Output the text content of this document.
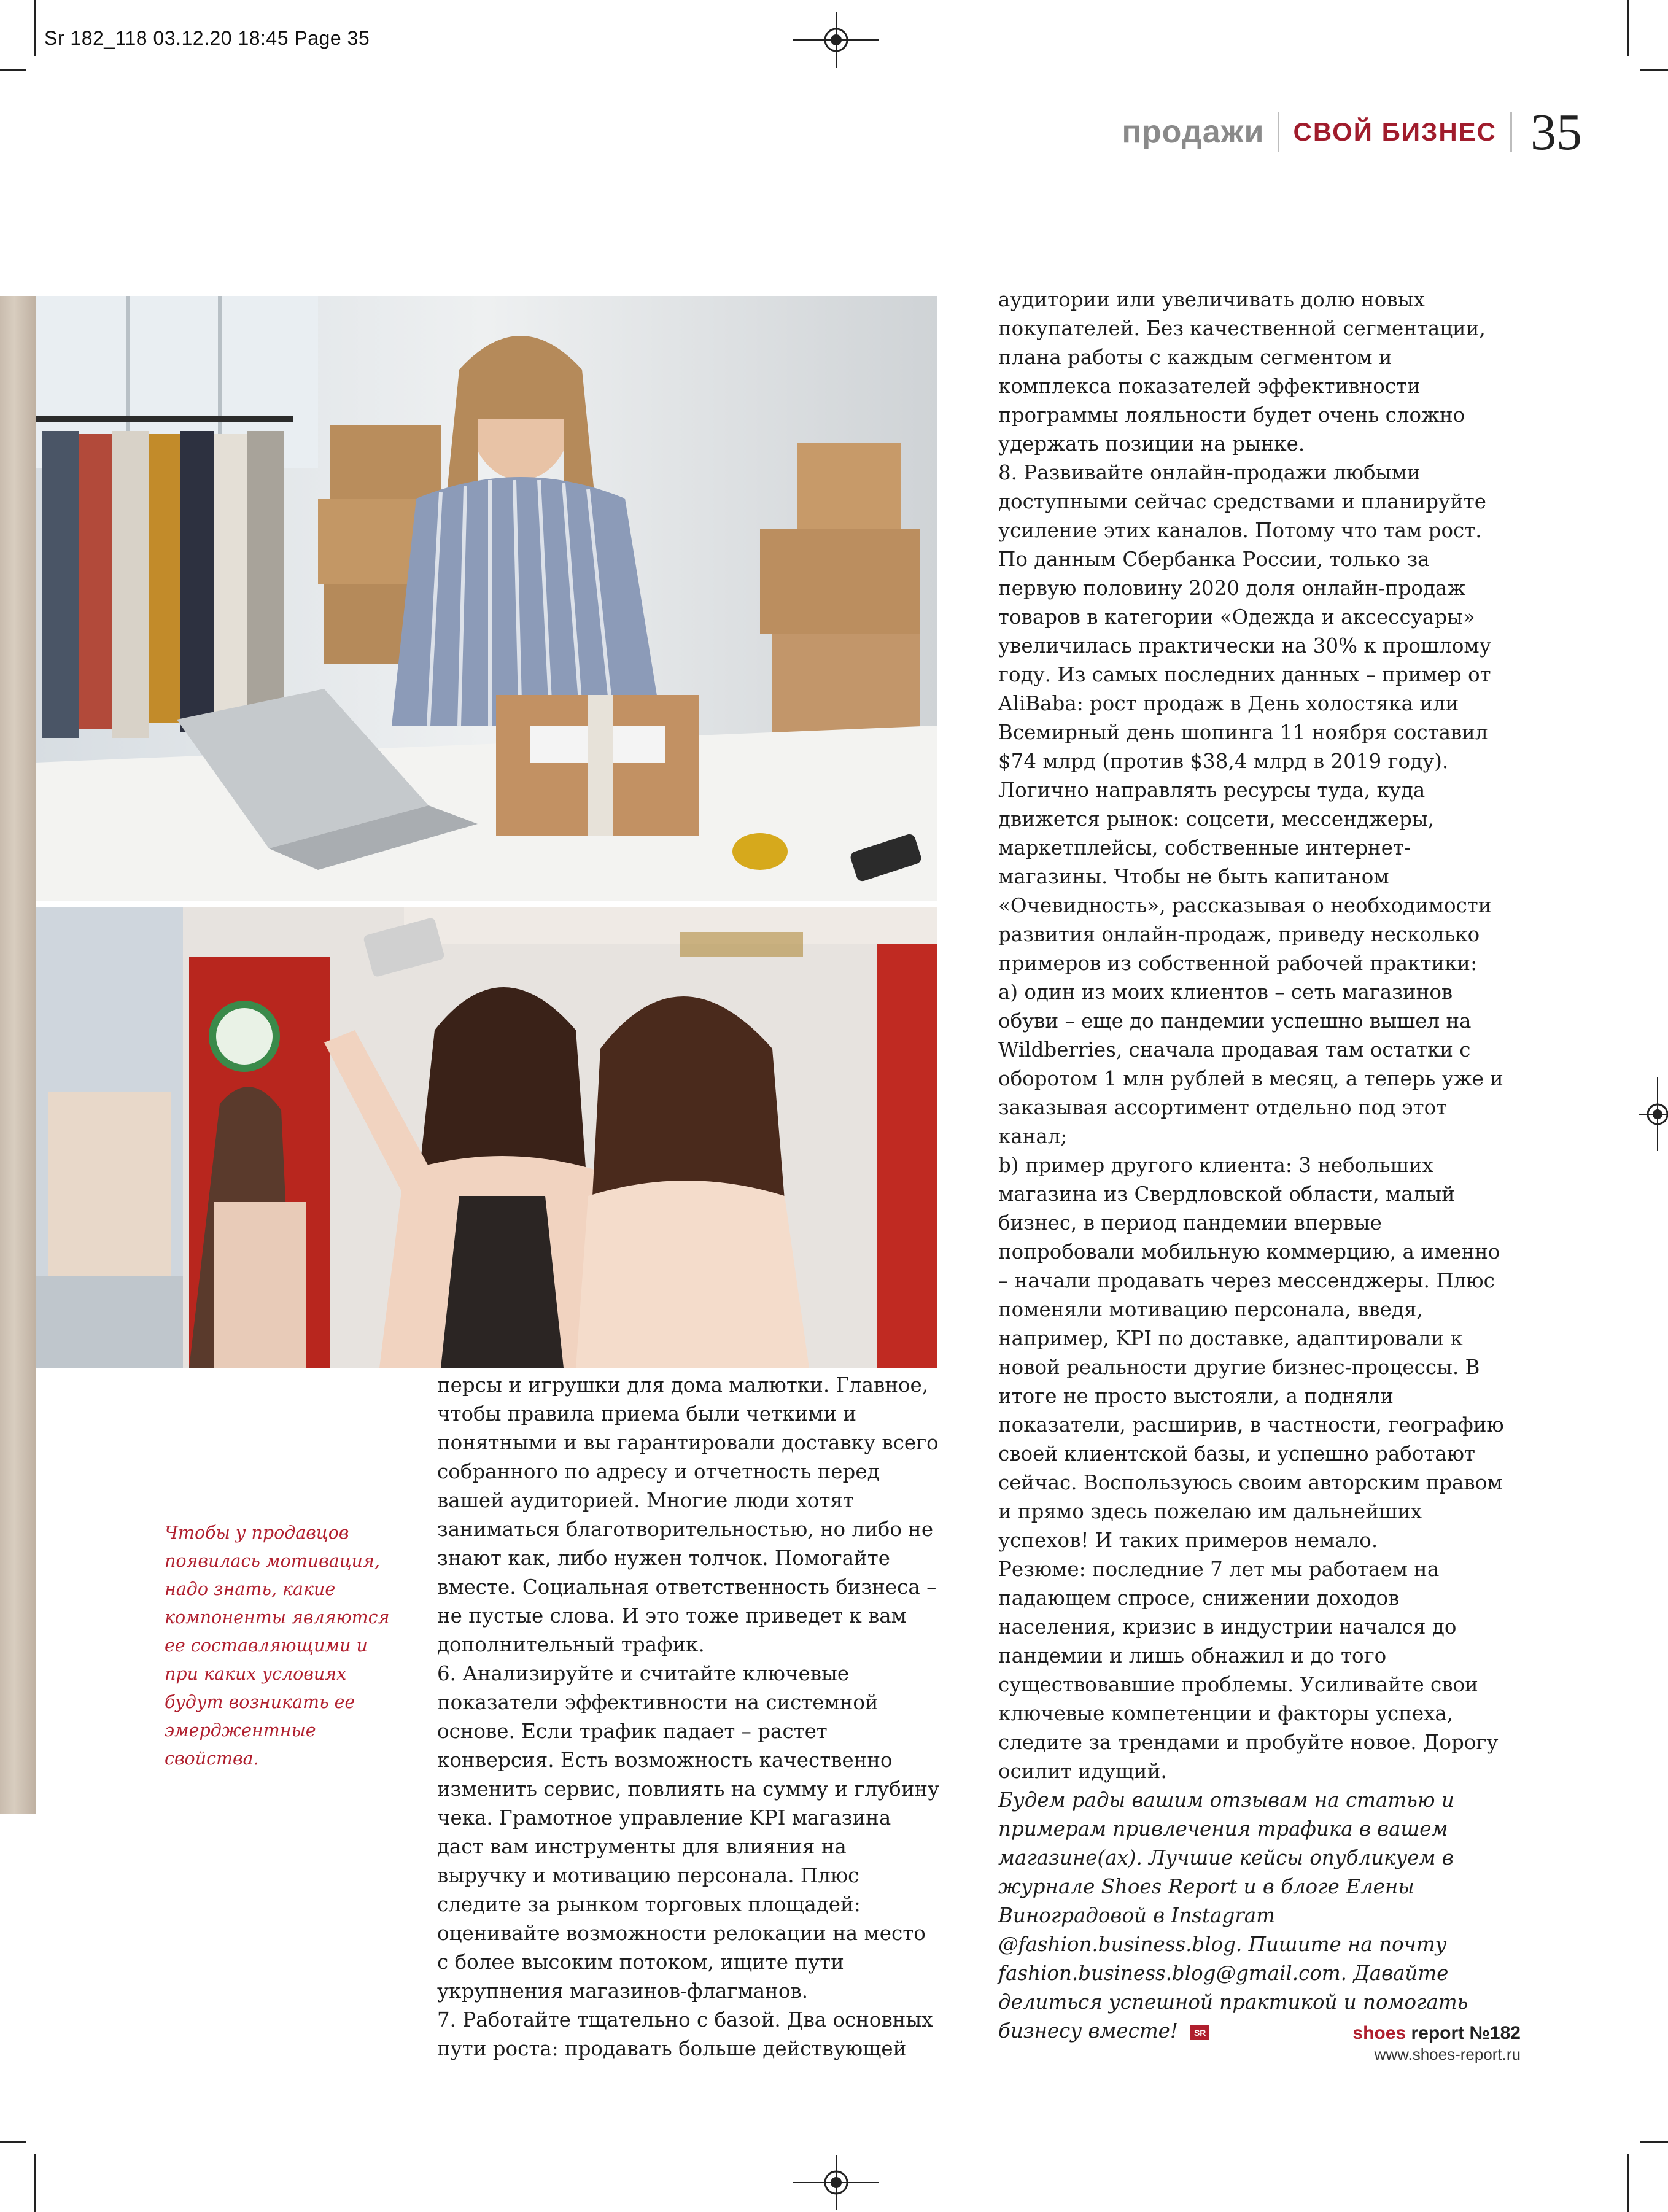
Sr 182_118 03.12.20 18:45 Page 35
продажи СВОЙ БИЗНЕС 35
Чтобы у продавцов появилась мотивация, надо знать, какие компоненты являются ее составляющими и при каких условиях будут возникать ее эмерджентные свойства.

персы и игрушки для дома малютки. Главное, чтобы правила приема были четкими и понятными и вы гарантировали доставку всего собранного по адресу и отчетность перед вашей аудиторией. Многие люди хотят заниматься благотворительностью, но либо не знают как, либо нужен толчок. Помогайте вместе. Социальная ответственность бизнеса – не пустые слова. И это тоже приведет к вам дополнительный трафик.

6. Анализируйте и считайте ключевые показатели эффективности на системной основе. Если трафик падает – растет конверсия. Есть возможность качественно изменить сервис, повлиять на сумму и глубину чека. Грамотное управление KPI магазина даст вам инструменты для влияния на выручку и мотивацию персонала. Плюс следите за рынком торговых площадей: оценивайте возможности релокации на место с более высоким потоком, ищите пути укрупнения магазинов-флагманов.

7. Работайте тщательно с базой. Два основных пути роста: продавать больше действующей

аудитории или увеличивать долю новых покупателей. Без качественной сегментации, плана работы с каждым сегментом и комплекса показателей эффективности программы лояльности будет очень сложно удержать позиции на рынке.

8. Развивайте онлайн-продажи любыми доступными сейчас средствами и планируйте усиление этих каналов. Потому что там рост. По данным Сбербанка России, только за первую половину 2020 доля онлайн-продаж товаров в категории «Одежда и аксессуары» увеличилась практически на 30% к прошлому году. Из самых последних данных – пример от AliBaba: рост продаж в День холостяка или Всемирный день шопинга 11 ноября составил $74 млрд (против $38,4 млрд в 2019 году). Логично направлять ресурсы туда, куда движется рынок: соцсети, мессенджеры, маркетплейсы, собственные интернет-магазины. Чтобы не быть капитаном «Очевидность», рассказывая о необходимости развития онлайн-продаж, приведу несколько примеров из собственной рабочей практики:

a) один из моих клиентов – сеть магазинов обуви – еще до пандемии успешно вышел на Wildberries, сначала продавая там остатки с оборотом 1 млн рублей в месяц, а теперь уже и заказывая ассортимент отдельно под этот канал;

b) пример другого клиента: 3 небольших магазина из Свердловской области, малый бизнес, в период пандемии впервые попробовали мобильную коммерцию, а именно – начали продавать через мессенджеры. Плюс поменяли мотивацию персонала, введя, например, KPI по доставке, адаптировали к новой реальности другие бизнес-процессы. В итоге не просто выстояли, а подняли показатели, расширив, в частности, географию своей клиентской базы, и успешно работают сейчас. Воспользуюсь своим авторским правом и прямо здесь пожелаю им дальнейших успехов! И таких примеров немало.

Резюме: последние 7 лет мы работаем на падающем спросе, снижении доходов населения, кризис в индустрии начался до пандемии и лишь обнажил и до того существовавшие проблемы. Усиливайте свои ключевые компетенции и факторы успеха, следите за трендами и пробуйте новое. Дорогу осилит идущий.

Будем рады вашим отзывам на статью и примерам привлечения трафика в вашем магазине(ах). Лучшие кейсы опубликуем в журнале Shoes Report и в блоге Елены Виноградовой в Instagram @fashion.business.blog. Пишите на почту fashion.business.blog@gmail.com. Давайте делиться успешной практикой и помогать бизнесу вместе! SR	shoes report №182
www.shoes-report.ru
